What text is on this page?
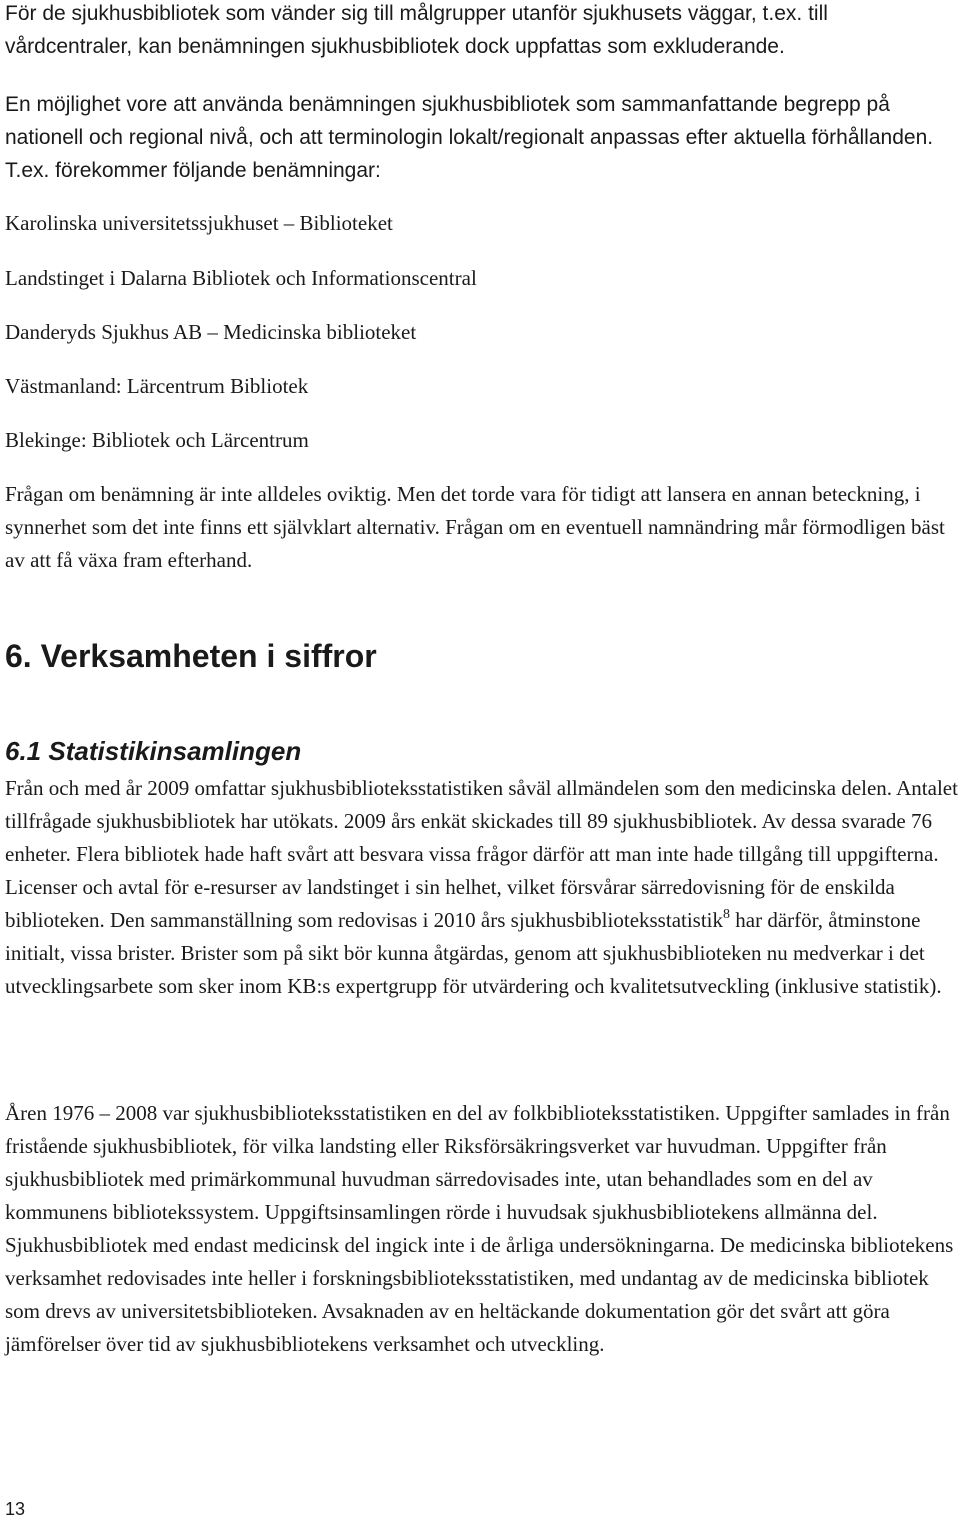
För de sjukhusbibliotek som vänder sig till målgrupper utanför sjukhusets väggar, t.ex. till vårdcentraler, kan benämningen sjukhusbibliotek dock uppfattas som exkluderande.

En möjlighet vore att använda benämningen sjukhusbibliotek som sammanfattande begrepp på nationell och regional nivå, och att terminologin lokalt/regionalt anpassas efter aktuella förhållanden. T.ex. förekommer följande benämningar:

Karolinska universitetssjukhuset – Biblioteket

Landstinget i Dalarna Bibliotek och Informationscentral

Danderyds Sjukhus AB – Medicinska biblioteket

Västmanland: Lärcentrum Bibliotek

Blekinge: Bibliotek och Lärcentrum

Frågan om benämning är inte alldeles oviktig. Men det torde vara för tidigt att lansera en annan beteckning, i synnerhet som det inte finns ett självklart alternativ. Frågan om en eventuell namnändring mår förmodligen bäst av att få växa fram efterhand.

6. Verksamheten i siffror
6.1 Statistikinsamlingen

Från och med år 2009 omfattar sjukhusbiblioteksstatistiken såväl allmändelen som den medicinska delen. Antalet tillfrågade sjukhusbibliotek har utökats. 2009 års enkät skickades till 89 sjukhusbibliotek. Av dessa svarade 76 enheter. Flera bibliotek hade haft svårt att besvara vissa frågor därför att man inte hade tillgång till uppgifterna. Licenser och avtal för e-resurser av landstinget i sin helhet, vilket försvårar särredovisning för de enskilda biblioteken. Den sammanställning som redovisas i 2010 års sjukhusbiblioteksstatistik$^8$ har därför, åtminstone initialt, vissa brister. Brister som på sikt bör kunna åtgärdas, genom att sjukhusbiblioteken nu medverkar i det utvecklingsarbete som sker inom KB:s expertgrupp för utvärdering och kvalitetsutveckling (inklusive statistik).

Åren 1976 – 2008 var sjukhusbiblioteksstatistiken en del av folkbiblioteksstatistiken. Uppgifter samlades in från fristående sjukhusbibliotek, för vilka landsting eller Riksförsäkringsverket var huvudman. Uppgifter från sjukhusbibliotek med primärkommunal huvudman särredovisades inte, utan behandlades som en del av kommunens bibliotekssystem. Uppgiftsinsamlingen rörde i huvudsak sjukhusbibliotekens allmänna del. Sjukhusbibliotek med endast medicinsk del ingick inte i de årliga undersökningarna. De medicinska bibliotekens verksamhet redovisades inte heller i forskningsbiblioteksstatistiken, med undantag av de medicinska bibliotek som drevs av universitetsbiblioteken. Avsaknaden av en heltäckande dokumentation gör det svårt att göra jämförelser över tid av sjukhusbibliotekens verksamhet och utveckling.

13
